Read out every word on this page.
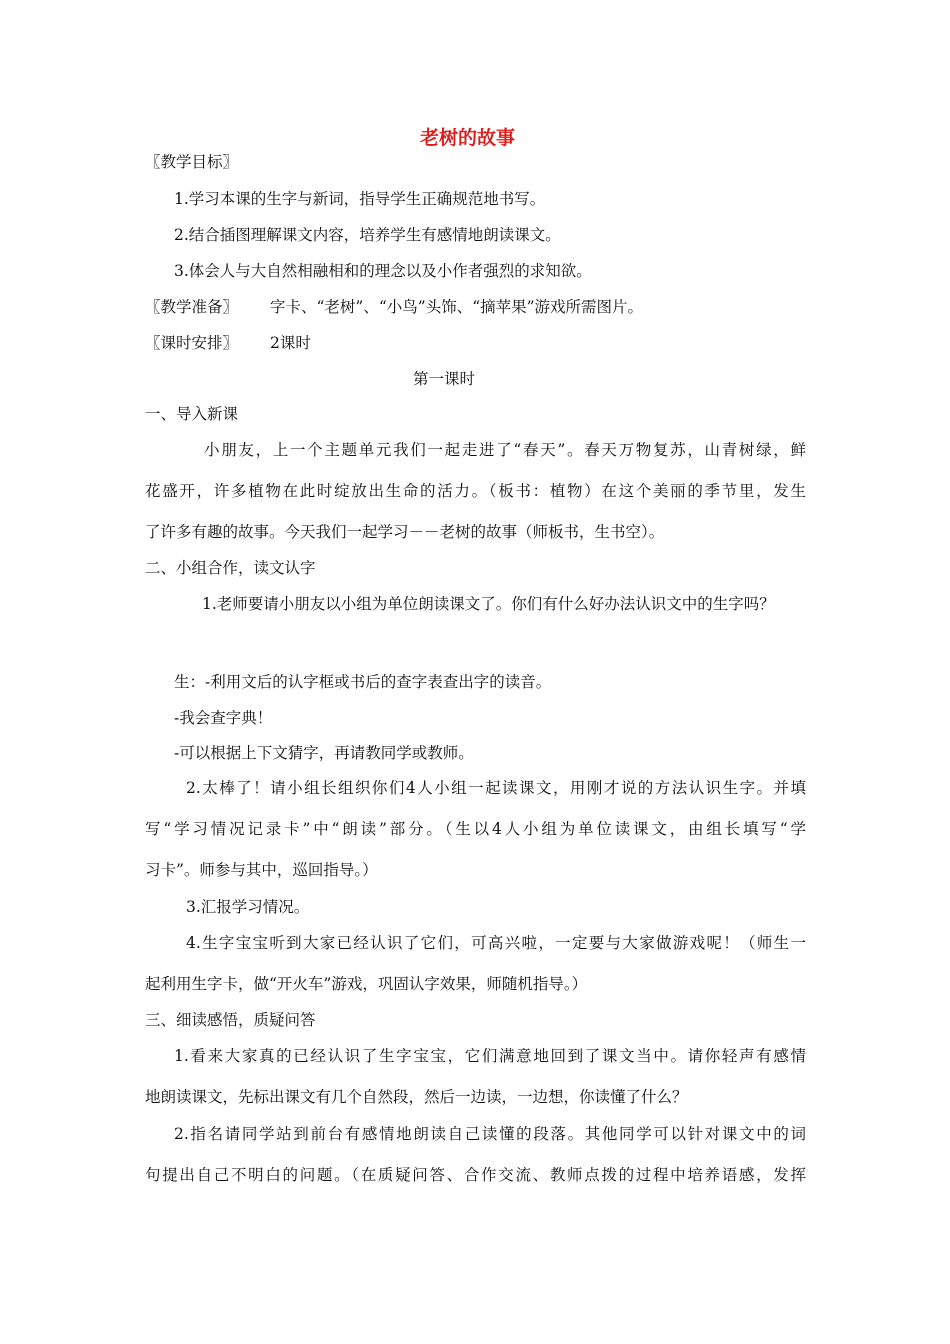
老树的故事
〖教学目标〗
1.学习本课的生字与新词，指导学生正确规范地书写。
2.结合插图理解课文内容，培养学生有感情地朗读课文。
3.体会人与大自然相融相和的理念以及小作者强烈的求知欲。
〖教学准备〗 字卡、“老树”、“小鸟”头饰、“摘苹果”游戏所需图片。
〖课时安排〗 2课时
第一课时
一、导入新课
小朋友，上一个主题单元我们一起走进了“春天”。春天万物复苏，山青树绿，鲜
花盛开，许多植物在此时绽放出生命的活力。（板书：植物）在这个美丽的季节里，发生
了许多有趣的故事。今天我们一起学习－－老树的故事（师板书，生书空）。
二、小组合作，读文认字
1.老师要请小朋友以小组为单位朗读课文了。你们有什么好办法认识文中的生字吗？
生：-利用文后的认字框或书后的查字表查出字的读音。
-我会查字典！
-可以根据上下文猜字，再请教同学或教师。
2.太棒了！请小组长组织你们4人小组一起读课文，用刚才说的方法认识生字。并填
写“学习情况记录卡”中“朗读”部分。（生以4人小组为单位读课文，由组长填写“学
习卡”。师参与其中，巡回指导。）
3.汇报学习情况。
4.生字宝宝听到大家已经认识了它们，可高兴啦，一定要与大家做游戏呢！（师生一
起利用生字卡，做“开火车”游戏，巩固认字效果，师随机指导。）
三、细读感悟，质疑问答
1.看来大家真的已经认识了生字宝宝，它们满意地回到了课文当中。请你轻声有感情
地朗读课文，先标出课文有几个自然段，然后一边读，一边想，你读懂了什么？
2.指名请同学站到前台有感情地朗读自己读懂的段落。其他同学可以针对课文中的词
句提出自己不明白的问题。（在质疑问答、合作交流、教师点拨的过程中培养语感，发挥
